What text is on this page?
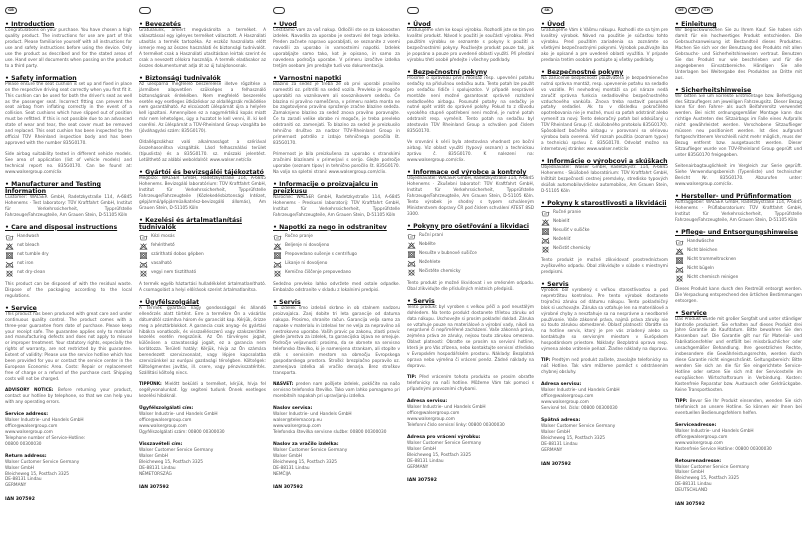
GB
• Introduction
Congratulations on your purchase. You have chosen a high quality product. The instructions for use are part of this product. Please familiarise yourself with all instructions for use and safety instructions before using the device. Only use the product as described and for the stated areas of use. Hand over all documents when passing on the product to a third party.
• Safety information
Please ensure the seat cushion is set up and fixed in place on the respective driving seat correctly when you first fit it. This cushion can be used for both the driver's seat as well as the passenger seat. Incorrect fitting can prevent the seat airbag from inflating correctly in the event of a collision. Seat cushions which have slipped out of position must be refitted. If this is not possible due to an advanced state of wear and tear, the seat cover must be removed and replaced. This seat cushion has been inspected by the official TÜV Rheinland inspection body and has been approved with the number 835G0170.
Side airbag suitability tested in different vehicle models. See area of application (list of vehicle models) and technical report no. 835G0170. Can be found at: www.walsergroup.com/clix
• Manufacturer and Testing Information
Customer: WALSER GmbH, Radetzkystraße 114, A-6845 Hohenems · Test laboratory: TÜV Kraftfahrt GmbH, Institut für Verkehrssicherheit, Typprüfstelle Fahrzeuge/Fahrzeugteile, Am Grauen Stein, D-51105 Köln
• Care and disposal instructions
Handwash
not bleach
not tumble dry
not iron
not dry-clean
This product can be disposed of with the residual waste. Dispose of the packaging according to the local regulations.
• Service
This product has been produced with great care and under continuous quality control. The product comes with a three-year guarantee from date of purchase. Please keep your receipt safe. The guarantee applies only to material and manufacturing defects and does not apply to misuse or improper treatment. Your statutory rights, especially the rights of warranty, are not restricted by this guarantee. Extent of validity: Please use the service hotline which has been provided for you or contact the service center in the European Economic Area. Costs: Repair or replacement free of charge or a refund of the purchase cost. Shipping costs will not be charged.
ADVISORY NOTICE: Before returning your product, contact our hotline by telephone, so that we can help you with any operating errors.
Service address:
Walser Industrie- und Handels GmbH
office@walsergroup.com
www.walsergroup.com
Telephone number of Service-Hotline:
00800 00300030
Return address:
Walser Customer Service Germany
Walser GmbH
Bleicheweg 15, Postfach 3325
DE-88131 Lindau
GERMANY
IAN 307592
• Bevezetés
Gratulálunk, amiért megvásárolta a terméket. A választással egy igényes terméket választott. A Használati utasítás a termék tartozéka. Az eszköz használata előtt ismerje meg az összes használati és biztonsági tudnivalót. A terméket csak a Használati utasításban leírtak szerint és csak a nevezett célokra használja. A termék eladásakor az összes dokumentumot adja át az új tulajdonosnak.
• Biztonsági tudnivalók
Az üléspárna megfelelő beszerelése illetve rögzítése a járműben alapvetően szükséges a felhasználó biztonságának érdekében. Nem megfelelő beszerelés esetén egy esetleges ütközéskor az oldallégzsák működése nem garantálható. Az elcsúszott üléspárnát újra a helyére kell igazítani. Amennyiben ez a nagymértékű kopás miatt már nem lehetséges, úgy a huzatot le kell venni, ill. ki kell cserélni. Az üléspárnát a TÜV-Rheinland Group vizsgálta be (jóváhagyási szám: 835G0170).
Oldallégzsákhoz való alkalmasságot a szériával összehasonlítva vizsgálták. Lásd felhasználási terület (típuslista) és a 835G0170. sz. műszaki jelentést. Letölthető az alábbi weboldalról: www.walser.net/clix
• Gyártói és bevizsgálói tájékoztató
Megbízó: WALSER GmbH, Radetzkystraße 114, A-6845 Hohenems. Bevizsgáló laboratórium: TÜV Kraftfahrt GmbH, Institut für Verkehrssicherheit, Typprüfstelle Fahrzeuge/Fahrzeugteile (Közlekedésbiztonsági Intézet, gépjármű/gépjárműalkatrész-bevizsgáló állomás), Am Grauen Stein, D-51105 Köln
• Kezelési és ártalmatlanítási tudnivalók
Kézi mosás
fehéríthető
szárítható dobos gépben
vasalható
vegyi nem tisztítható
A termék egyéb háztartási hulladékként ártalmatlanítható. A csomagolást a helyi előírások szerint ártalmatlanítsa.
• Ügyfélszolgálat
A termék gyártása nagy gondossággal és állandó ellenőrzés alatt történt. Erre a termékre Ön a vásárlás dátumától számítva három év garanciát kap. Kérjük, őrizze meg a pénztárblokkot. A garancia csak anyag- és gyártási hibákra vonatkozik, és visszaélésszerű vagy szakszerűtlen kezelés esetén megszűnik. Az Ön törvényes jogait, különösen a szavatossági jogait, ez a garancia nem korlátozza. Területi hatály: Kérjük, hívja az Ön számára berendezett szervizvonalat, vagy lépjen kapcsolatba szervizünkkel az európai gazdasági térségben. Költségek: Költségmentes javítás, ill. csere, vagy pénzvisszatérítés. Szállítási költség nincs.
TIPPÜNK: Mielőtt beküldi a terméket, kérjük, hívja fel segélyvonalunkat. Így segíteni tudunk Önnek esetleges kezelési hibáknál.
Ügyfélszolgálati cím:
Walser Industrie- und Handels GmbH
office@walsergroup.com
www.walsergroup.com
Ügyfélszolgálati szám: 00800 00300030
Visszavételi cím:
Walser Customer Service Germany
Walser GmbH
Bleicheweg 15, Postfach 3325
DE-88131 Lindau
NÉMETORSZÁG
IAN 307592
• Uvod
Čestitamo vam za vaš nakup. Odločili ste se za kakovosten izdelek. Navodila za uporabo je sestavni del tega izdelka. Preden začnete napravo uporabljati, se seznanite z vsemi navodili za uporabo in varnostnimi napotki. Izdelek uporabljajte samo tako, kot je opisano, in samo za navedena področja uporabe. V primeru izročitve izdelka tretjim osebam jim predajte tudi vso dokumentacijo.
• Varnostni napotki
Blazino za sedež je treba že ob prvi uporabi pravilno namestiti oz. pritrditi na sedež vozila. Prevleko je mogoče uporabiti na voznikovem ali sovoznikovem sedežu. Če blazina ni pravilno nameščena, v primeru naleta morda ne bo zagotovljeno pravilno sproženje zračne blazine sedeža. Zamaknjeno blazino za sedež znova pravilno poravnajte. Če to zaradi velike obrabe ni mogoče, je treba prevleko odstraniti oz. zamenjati. To blazino za sedež je preizkusilo tehnično društvo za nadzor TÜV-Rheinland Group in primernost potrdilo z izdajo tehničnega poročila št. 835G0170.
Primernost je bila preizkušena za uporabo s stranskimi zračnimi blazinami v primerjavi s serijo. Glejte področje uporabe (seznam tipov) in tehnično poročilo št. 835G0170. Na voljo na spletni strani: www.walsergroup.com/clix.
• Informacije o proizvajalcu in preizkusu
Naročnik: WALSER GmbH, Radetzkystraße 114, A-6845 Hohenems · Preskusni laboratorij: TÜV Kraftfahrt GmbH, Institut für Verkehrssicherheit, Typprüfstelle Fahrzeuge/Fahrzeugteile, Am Grauen Stein, D-51105 Köln
• Napotki za nego in odstranitev
Ročno pranje
Beljenje ni dovoljeno
Prepovedano sušenje s centrifugo
Likanje ni dovoljeno
Kemično čiščenje prepovedano
Sedežno prevleko lahko odvržete med ostale odpadke. Embalažo odstranite v skladu z lokalnimi predpisi.
• Servis
Ta izdelek smo izdelali skrbno in ob stalnem nadzoru proizvajalca. Zanj dobite tri leta garancije od datuma nakupa. Prosimo, shranite račun. Garancija velja samo za napake v materialu in izdelavi ter ne velja za nepravilno ali nestrokovno uporabo. Vaših pravic po zakonu, zlasti pravic glede jamstva za izdelek, ta garancijska izjava ne omejuje. Področje veljavnosti: prosimo, da se obrnete na servisno telefonsko številko, ki je namenjena strankam, ali stopite v stik s servisnim mestom na območju Evropskega gospodarskega prostora. Stroški: brezplačno popravilo oz. zamenjava izdelka ali vračilo denarja. Brez stroškov transporta.
NASVET: preden nam pošljete izdelek, pokličite na našo servisno telefonsko številko. Tako vam lahko pomagamo pri morebitnih napakah pri upravljanju izdelka.
Naslov servisa:
Walser Industrie- und Handels GmbH
walser@telemacorp.eu
www.walsergroup.com
Telefonska številka servisne službe: 00800 00300030
Naslov za vračilo izdelka:
Walser Customer Service Germany
Walser GmbH
Bleicheweg 15, Postfach 3325
DE-88131 Lindau
NEMČIJA
IAN 307592
• Úvod
Gratulujeme vám ke koupi výrobku. Rozhodli jste se tím pro kvalitní produkt. Návod k použití je součástí výrobku. Před použitím výrobku se seznamte s pokyny k použití a bezpečnostními pokyny. Používejte produkt pouze tak, jak je popsáno a pouze pro uvedené oblasti využití. Při předání výrobku třetí osobě předejte i všechny podklady.
• Bezpečnostní pokyny
Prosíme o správnou první montáž resp. upevnění potahu sedačky na příslušnou sedačku auta. Tento potah lze použít pro sedačku řidiče i spolujezdce. V případě nesprávné montáže není možné garantovat správné rozložení sedadlového airbagu. Posunuté potahy na sedačky je nutné opět vrátit do správné polohy. Pokud to z důvodu vysokého stupně opotřebení není možné, je nutné potah odstranit resp. vyměnit. Tento potah na sedačku byl atestován TÜV Rheinland Group a schválen pod číslem 835G0170.
Ve srovnání k sérii byla atestována vhodnost pro boční airbag. Viz oblast využití (typový seznam) a technickou zprávu č. 835G0170. K nalezení na: www.walsergroup.com/clix.
• Informace od výrobce a kontroly
Objednavatel: WALSER GmbH, Radetzkystraße 114, A-6845 Hohenems · Zkušební laboratoř: TÜV Kraftfahrt GmbH, Institut für Verkehrssicherheit, Typprüfstelle Fahrzeuge/Fahrzeugteile, Am Grauen Stein, D-51105 Köln. Tento výrobek je shodný s typem schváleným Ministerstvem dopravy ČR pod číslem schválení ATEST 8SD 3300.
• Pokyny pro ošetřování a likvidaci
Ruční praní
Nebělte
Nesušte v bubnové sušičce
Nežehlete
Nečistěte chemicky
Tento produkt je možné likvidovat i ve směsném odpadu. Obal zlikvidujte dle příslušných místních předpisů.
• Servis
Tento produkt byl vyroben s velkou péčí a pod neustálým dohledem. Na tento produkt dostanete tříletou záruku od data nákupu. Uschovejte si prosím pokladní doklad. Záruka se vztahuje pouze na materiálové a výrobní vady, nikoli na nesprávné či nepřiměřené zacházení. Vaše zákonná práva, zejména práva ze záruky, nejsou touto zárukou omezena. Oblast platnosti: Obraťte se prosím na servisní hotline, která je pro Vás zřízena, nebo kontaktujte servisní středisko v Evropském hospodářském prostoru. Náklady: Bezplatná oprava nebo výměna či vrácení peněz. Žádné náklady na dopravu.
TIP: Před vrácením tohoto produktu se prosím obraťte telefonicky na naši hotline. Můžeme Vám tak pomoci s případnými provozními chybami.
Adresa servisu:
Walser Industrie- und Handels GmbH
office@walsergroup.com
www.walsergroup.com
Telefonní číslo servisní linky: 00800 00300030
Adresa pro vrácení výrobku:
Walser Customer Service Germany
Walser GmbH
Bleicheweg 15, Postfach 3325
DE-88131 Lindau
GERMANY
IAN 307592
SK
• Úvod
Gratulujeme Vám k Vášmu nákupu. Rozhodli ste sa tým pre kvalitný výrobok. Návod na použitie je súčasťou tohto výrobku. Pred použitím zariadenia sa zoznámte so všetkými bezpečnostnými pokynmi. Výrobok používajte iba ako je opísané a pre uvedené oblasti využitia. V prípade predania tretím osobám postúpte aj všetky podklady.
• Bezpečnostné pokyny
Na zaručenie bezpečnosti používateľa je bezpodmienečne nutná správna montáž, resp. upevnenie poťahu na sedadlo vo vozidle. Pri nevhodnej montáži sa pri náraze nedá zaručiť správna funkcia sedadlového bezpečnostného vzduchového vankúša. Znova treba nastaviť posunuté poťahy sedadiel. Ak to v dôsledku pokročilého opotrebovania nie je možné, musí sa poťah odstrániť alebo vymeniť za nový. Tento dekoračný poťah bol odskúšaný u TÜV Rheinland Group (č. skúšobného protokolu 835G0170). Spôsobilosť bočného airbagu v porovnaní so sériovou výrobou bola overená. Viď rozsah použitia (zoznam typov) a technickú správu č. 835G0170. Odvolať možno na internetovej stránke: www.walser.net/clix
• Informácie o výrobcovi a skúškach
Objednávateľ: Walser GmbH, Radetzkystr. 114, A-6845 Hohenems · Skúšobné laboratórium: TÜV Kraftfahrt GmbH, Inštitút bezpečnosti cestnej premávky, stredisko typových skúšok automobilov/dielov automobilov, Am Grauen Stein, D-51105 Köln
• Pokyny k starostlivosti a likvidácii
Ručné pranie
Nebieliť
Nesušiť v sušičke
Nežehliť
Nečistiť chemicky
Tento produkt je možné zlikvidovať prostredníctvom zvyškového odpadu. Obal zlikvidujte v súlade s miestnymi predpismi.
• Servis
Výrobok bol vyrobený s veľkou starostlivosťou a pod nepretržitou kontrolou. Pre tento výrobok dostanete trojročnú záruku od dátumu nákupu. Tento pokladničný blok si uschovajte. Záruka sa vzťahuje len na materiálové a výrobné chyby a nevzťahuje sa na nesprávne a neodborné používanie. Vaše zákonné práva, najmä práva záruky nie sú touto zárukou obmedzené. Oblasť platnosti: Obráťte sa na hotline servis, ktorý je pre vás zriadený alebo sa kontaktujte so servisným miestom v Európskom hospodárskom priestore. Náklady: Bezplatná oprava resp. výmena alebo vrátenie peňazí. Žiadne náklady na dopravu.
TIP: Predtým než produkt zašlete, zavolajte telefonicky na náš Hotline. Tak vám môžeme pomôcť s odstránením chybnej obsluhy.
Adresa servisu:
Walser Industrie- und Handels GmbH
office@walsergroup.com
www.walsergroup.com
Servisné tel. číslo: 00800 00300030
Spätná adresa:
Walser Customer Service Germany
Walser GmbH
Bleicheweg 15, Postfach 3325
DE-88131 Lindau
GERMANY
IAN 307592
DE	AT	CH
• Einleitung
Wir beglückwünschen Sie zu Ihrem Kauf. Sie haben sich damit für ein hochwertiges Produkt entschieden. Die Gebrauchsanweisung ist Bestandteil dieses Produktes. Machen Sie sich vor der Benutzung des Produkts mit allen Gebrauchs- und Sicherheitshinweisen vertraut. Benutzen Sie das Produkt nur wie beschrieben und für die angegebenen Einsatzbereiche. Händigen Sie alle Unterlagen bei Weitergabe des Produktes an Dritte mit aus.
• Sicherheitshinweise
Wir bitten Sie um korrekte Erstmontage bzw. Befestigung des Sitzauflegers am jeweiligen Fahrzeugsitz. Dieser Bezug kann für den Fahrer- als auch Beifahrersitz verwendet werden. Bei nicht ordnungsgemäßer Montage kann das richtige Austreten des Sitzairbags im Falle eines Aufpralls nicht gewährleistet werden. Verschobene Sitzauflieger müssen neu positioniert werden. Ist dies aufgrund fortgeschrittenem Verschleiß nicht mehr möglich, muss der Bezug entfernt bzw. ausgetauscht werden. Dieser Sitzauflieger wurde von TÜV-Rheinland Group geprüft und unter 835G0170 freigegeben.
Seitenairbagtauglichkeit im Vergleich zur Serie geprüft. Siehe Verwendungsbereich (Typenliste) und technischer Bericht Nr. 835G0170. Abzurufen unter: www.walsergroup.com/clix.
• Hersteller- und Prüfinformation
Auftraggeber: WALSER GmbH, Radetzkystraße 114, A-6845 Hohenems · Prüflaboratorium: TÜV Kraftfahrt GmbH, Institut für Verkehrssicherheit, Typprüfstelle Fahrzeuge/Fahrzeugteile, Am Grauen Stein, D-51105 Köln
• Pflege- und Entsorgungshinweise
Handwäsche
Nicht bleichen
Nicht trommeltrocknen
Nicht bügeln
Nicht chemisch reinigen
Dieses Produkt kann durch den Restmüll entsorgt werden. Die Verpackung entsprechend den örtlichen Bestimmungen entsorgen.
• Service
Das Produkt wurde mit großer Sorgfalt und unter ständiger Kontrolle produziert. Sie erhalten auf dieses Produkt drei Jahre Garantie ab Kaufdatum. Bitte bewahren Sie den Kassenbon auf. Die Garantie gilt nur für Material- und Fabrikationsfehler und entfällt bei missbräuchlicher oder unsachgemäßer Behandlung. Ihre gesetzlichen Rechte, insbesondere die Gewährleistungsrechte, werden durch diese Garantie nicht eingeschränkt. Geltungsbereich: Bitte wenden Sie sich an die für Sie eingerichtete Service-Hotline oder setzen Sie sich mit der Servicestelle im europäischen Wirtschaftsraum in Verbindung. Kosten: Kostenfreie Reparatur bzw. Austausch oder Geldrückgabe. Keine Transportkosten.
TIPP: Bevor Sie Ihr Produkt einsenden, wenden Sie sich telefonisch an unsere Hotline. So können wir Ihnen bei eventuellen Bedienungsfehlern helfen.
Serviceadresse:
Walser Industrie- und Handels GmbH
office@walsergroup.com
www.walsergroup.com
Kostenfreie Service Hotline: 00800 00300030
Retourenadresse:
Walser Customer Service Germany
Walser GmbH
Bleicheweg 15, Postfach 3325
DE-88131 Lindau
DEUTSCHLAND
IAN 307592
